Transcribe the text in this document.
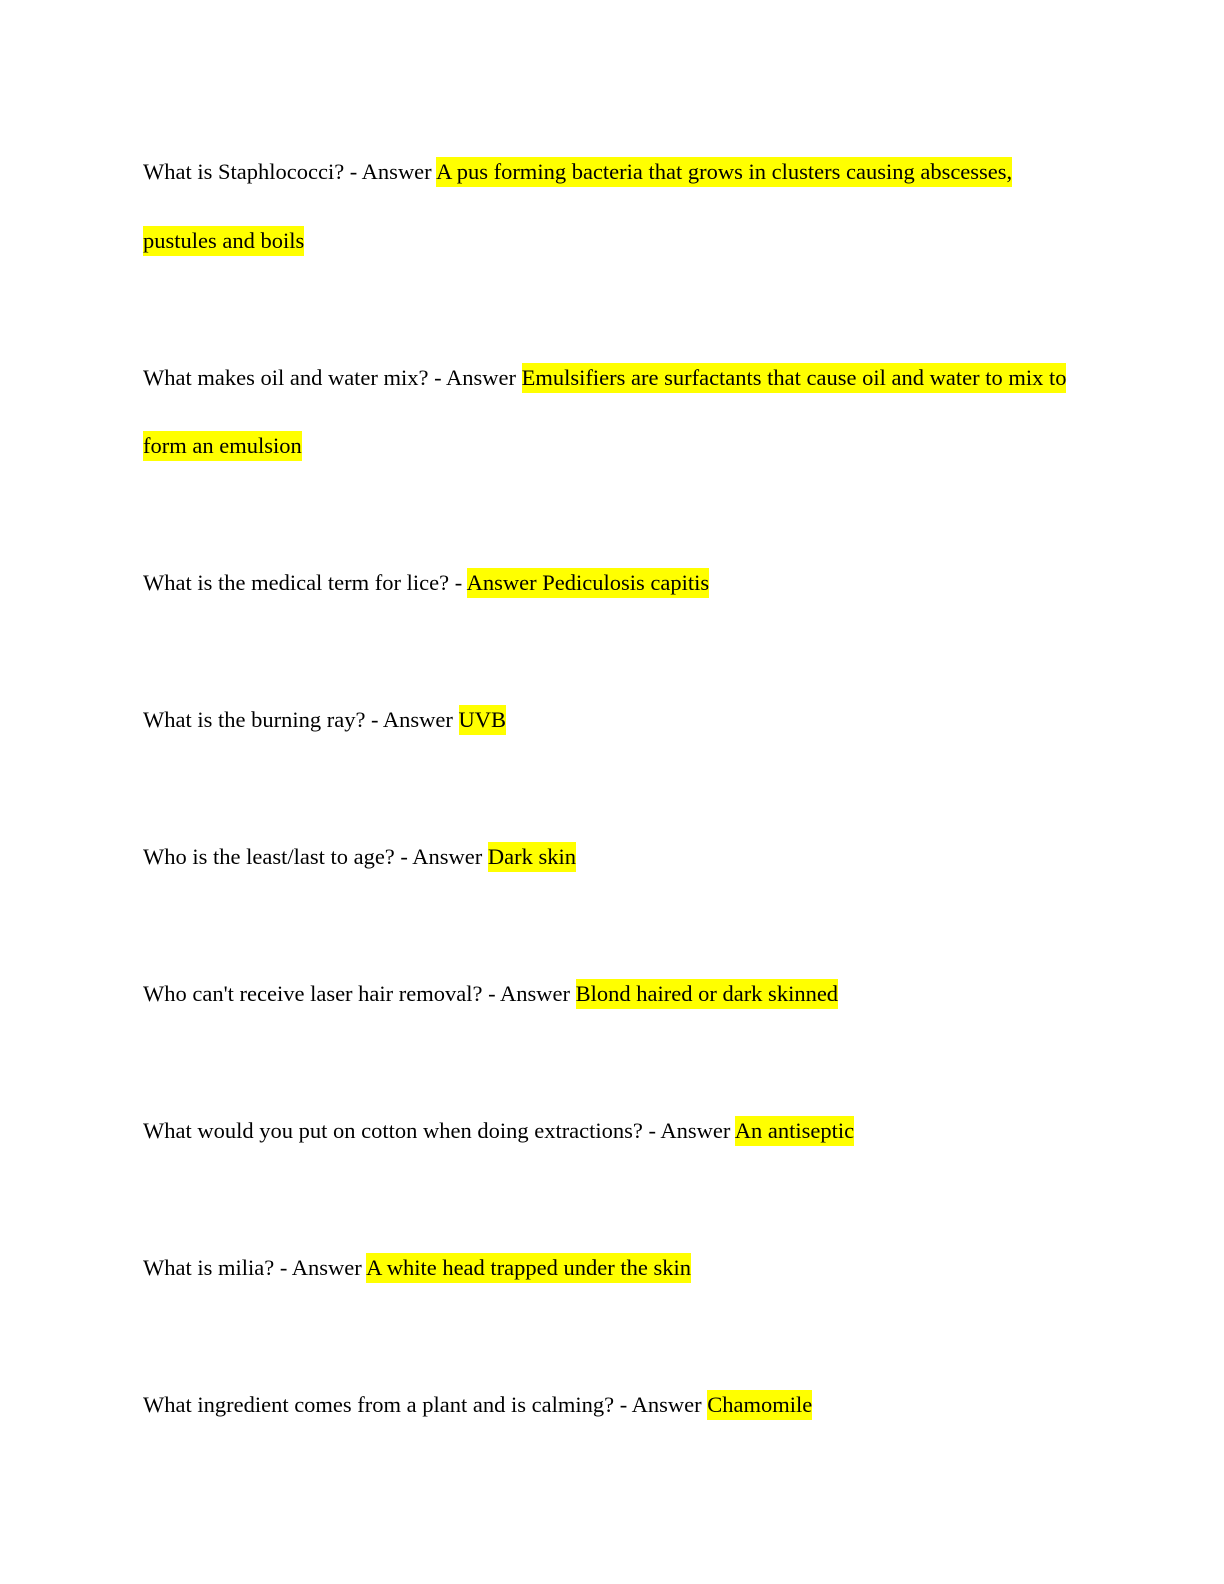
What is Staphlococci? - Answer A pus forming bacteria that grows in clusters causing abscesses, pustules and boils

What makes oil and water mix? - Answer Emulsifiers are surfactants that cause oil and water to mix to form an emulsion

What is the medical term for lice? - Answer Pediculosis capitis

What is the burning ray? - Answer UVB

Who is the least/last to age? - Answer Dark skin

Who can't receive laser hair removal? - Answer Blond haired or dark skinned

What would you put on cotton when doing extractions? - Answer An antiseptic

What is milia? - Answer A white head trapped under the skin

What ingredient comes from a plant and is calming? - Answer Chamomile
